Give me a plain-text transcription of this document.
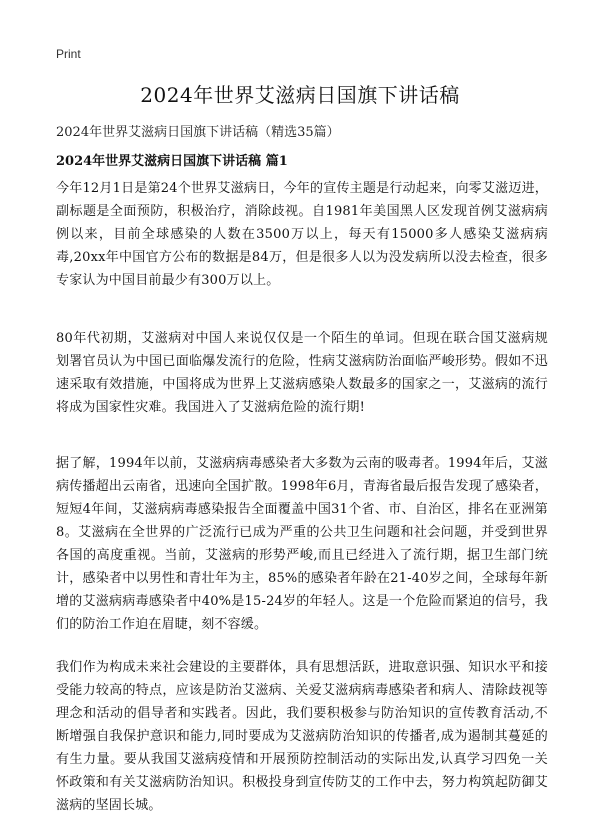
Print
2024年世界艾滋病日国旗下讲话稿
2024年世界艾滋病日国旗下讲话稿（精选35篇）
2024年世界艾滋病日国旗下讲话稿 篇1

今年12月1日是第24个世界艾滋病日，今年的宣传主题是行动起来，向零艾滋迈进，副标题是全面预防，积极治疗，消除歧视。自1981年美国黑人区发现首例艾滋病病例以来，目前全球感染的人数在3500万以上，每天有15000多人感染艾滋病病毒,20xx年中国官方公布的数据是84万，但是很多人以为没发病所以没去检查，很多专家认为中国目前最少有300万以上。

80年代初期，艾滋病对中国人来说仅仅是一个陌生的单词。但现在联合国艾滋病规划署官员认为中国已面临爆发流行的危险，性病艾滋病防治面临严峻形势。假如不迅速采取有效措施，中国将成为世界上艾滋病感染人数最多的国家之一，艾滋病的流行将成为国家性灾难。我国进入了艾滋病危险的流行期!

据了解，1994年以前，艾滋病病毒感染者大多数为云南的吸毒者。1994年后，艾滋病传播超出云南省，迅速向全国扩散。1998年6月，青海省最后报告发现了感染者，短短4年间，艾滋病病毒感染报告全面覆盖中国31个省、市、自治区，排名在亚洲第8。艾滋病在全世界的广泛流行已成为严重的公共卫生问题和社会问题，并受到世界各国的高度重视。当前，艾滋病的形势严峻,而且已经进入了流行期，据卫生部门统计，感染者中以男性和青壮年为主，85%的感染者年龄在21-40岁之间，全球每年新增的艾滋病病毒感染者中40%是15-24岁的年轻人。这是一个危险而紧迫的信号，我们的防治工作迫在眉睫，刻不容缓。

我们作为构成未来社会建设的主要群体，具有思想活跃，进取意识强、知识水平和接受能力较高的特点，应该是防治艾滋病、关爱艾滋病病毒感染者和病人、清除歧视等理念和活动的倡导者和实践者。因此，我们要积极参与防治知识的宣传教育活动,不断增强自我保护意识和能力,同时要成为艾滋病防治知识的传播者,成为遏制其蔓延的有生力量。要从我国艾滋病疫情和开展预防控制活动的实际出发,认真学习四免一关怀政策和有关艾滋病防治知识。积极投身到宣传防艾的工作中去，努力构筑起防御艾滋病的坚固长城。
